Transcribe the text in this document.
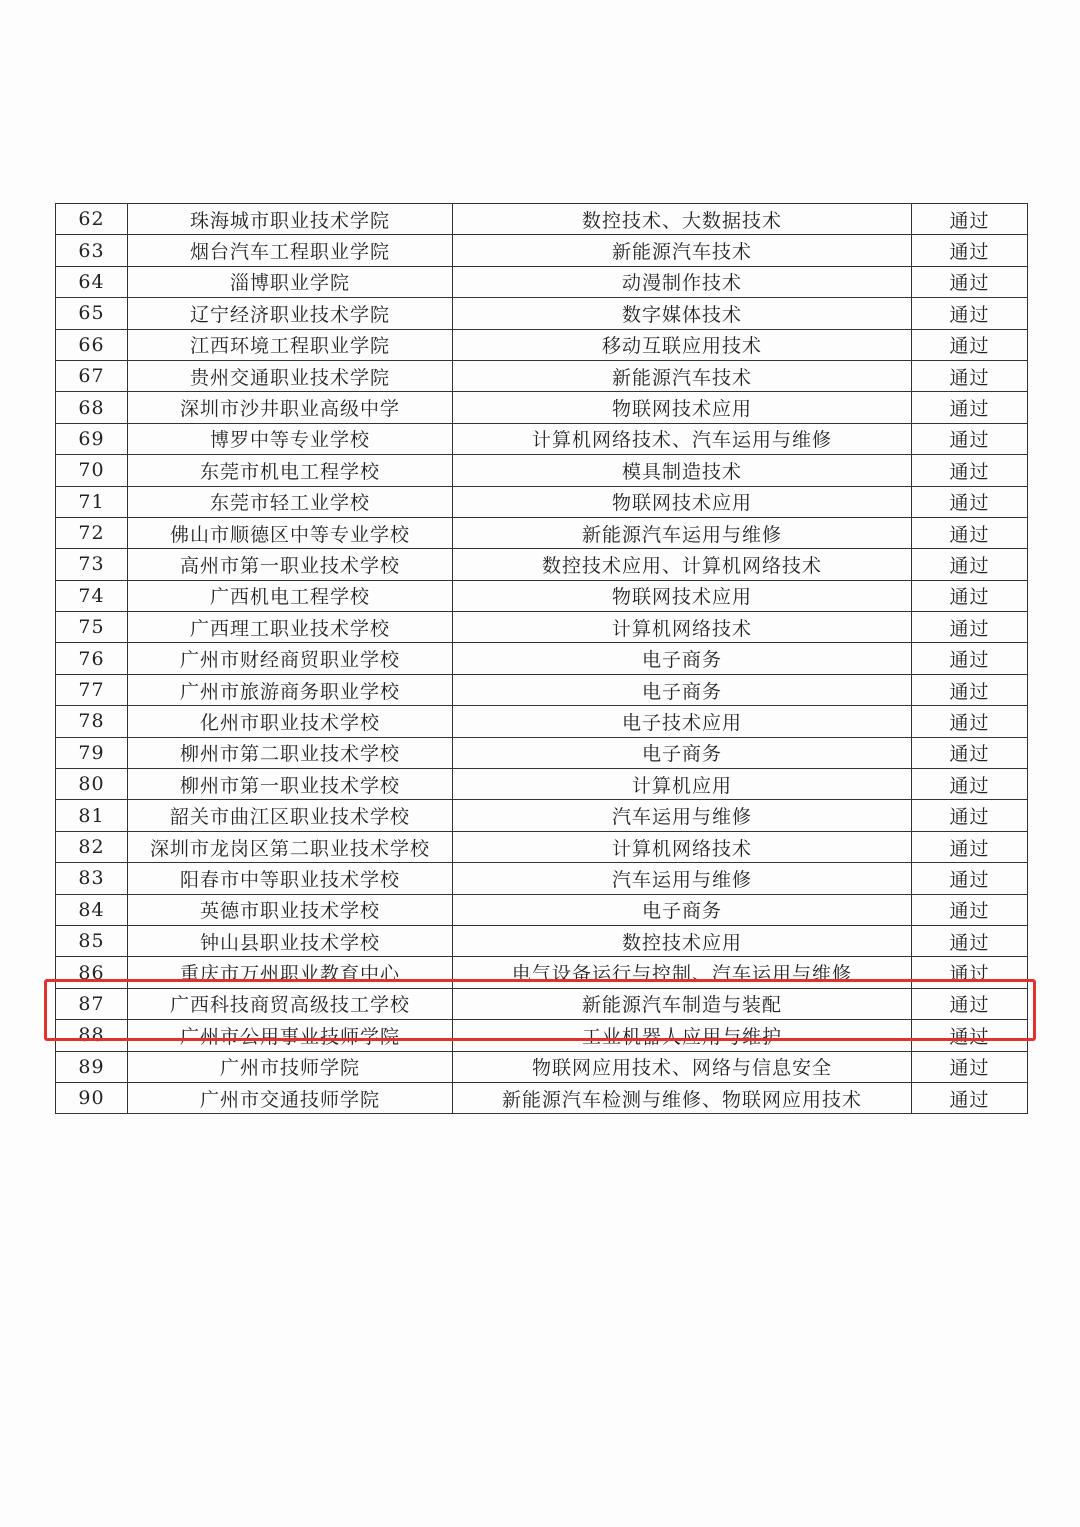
62	珠海城市职业技术学院	数控技术、大数据技术	通过
63	烟台汽车工程职业学院	新能源汽车技术	通过
64	淄博职业学院	动漫制作技术	通过
65	辽宁经济职业技术学院	数字媒体技术	通过
66	江西环境工程职业学院	移动互联应用技术	通过
67	贵州交通职业技术学院	新能源汽车技术	通过
68	深圳市沙井职业高级中学	物联网技术应用	通过
69	博罗中等专业学校	计算机网络技术、汽车运用与维修	通过
70	东莞市机电工程学校	模具制造技术	通过
71	东莞市轻工业学校	物联网技术应用	通过
72	佛山市顺德区中等专业学校	新能源汽车运用与维修	通过
73	高州市第一职业技术学校	数控技术应用、计算机网络技术	通过
74	广西机电工程学校	物联网技术应用	通过
75	广西理工职业技术学校	计算机网络技术	通过
76	广州市财经商贸职业学校	电子商务	通过
77	广州市旅游商务职业学校	电子商务	通过
78	化州市职业技术学校	电子技术应用	通过
79	柳州市第二职业技术学校	电子商务	通过
80	柳州市第一职业技术学校	计算机应用	通过
81	韶关市曲江区职业技术学校	汽车运用与维修	通过
82	深圳市龙岗区第二职业技术学校	计算机网络技术	通过
83	阳春市中等职业技术学校	汽车运用与维修	通过
84	英德市职业技术学校	电子商务	通过
85	钟山县职业技术学校	数控技术应用	通过
86	重庆市万州职业教育中心	电气设备运行与控制、汽车运用与维修	通过
87	广西科技商贸高级技工学校	新能源汽车制造与装配	通过
88	广州市公用事业技师学院	工业机器人应用与维护	通过
89	广州市技师学院	物联网应用技术、网络与信息安全	通过
90	广州市交通技师学院	新能源汽车检测与维修、物联网应用技术	通过
